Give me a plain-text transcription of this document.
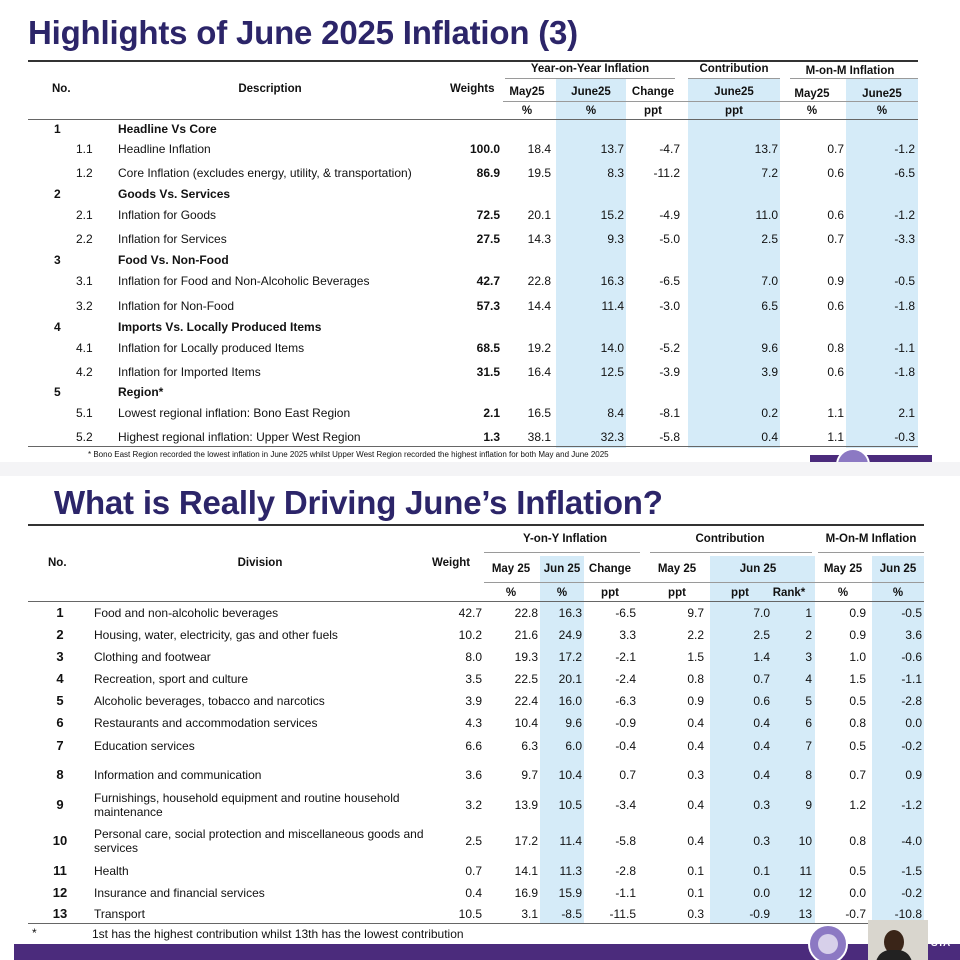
Highlights of June 2025 Inflation (3)
Year-on-Year Inflation	Contribution	M-on-M Inflation
No.	Description	Weights	May25	June25	Change	June25	May25	June25
%	%	ppt	ppt	%	%
* Bono East Region recorded the lowest inflation in June 2025 whilst Upper West Region recorded the highest inflation for both May and June 2025
1	Headline Vs Core
1.1 Headline Inflation	100.0	18.4	13.7	-4.7	13.7	0.7	-1.2
1.2 Core Inflation (excludes energy, utility, & transportation)	86.9	19.5	8.3	-11.2	7.2	0.6	-6.5
2	Goods Vs. Services
2.1 Inflation for Goods	72.5	20.1	15.2	-4.9	11.0	0.6	-1.2
2.2 Inflation for Services	27.5	14.3	9.3	-5.0	2.5	0.7	-3.3
3	Food Vs. Non-Food
3.1 Inflation for Food and Non-Alcoholic Beverages	42.7	22.8	16.3	-6.5	7.0	0.9	-0.5
3.2 Inflation for Non-Food	57.3	14.4	11.4	-3.0	6.5	0.6	-1.8
4	Imports Vs. Locally Produced Items
4.1 Inflation for Locally produced Items	68.5	19.2	14.0	-5.2	9.6	0.8	-1.1
4.2 Inflation for Imported Items	31.5	16.4	12.5	-3.9	3.9	0.6	-1.8
5	Region*
5.1 Lowest regional inflation: Bono East Region	2.1	16.5	8.4	-8.1	0.2	1.1	2.1
5.2 Highest regional inflation: Upper West Region	1.3	38.1	32.3	-5.8	0.4	1.1	-0.3
What is Really Driving June’s Inflation?
Y-on-Y Inflation	Contribution	M-On-M Inflation
No.	Division	Weight	May 25	Jun 25 Change	May 25	Jun 25	May 25	Jun 25
%	%	ppt	ppt	ppt	Rank*	%	%
*	1st has the highest contribution whilst 13th has the lowest contribution
STA
1	Food and non-alcoholic beverages	42.7	22.8	16.3	-6.5	9.7	7.0	1	0.9	-0.5
2	Housing, water, electricity, gas and other fuels	10.2	21.6	24.9	3.3	2.2	2.5	2	0.9	3.6
3	Clothing and footwear	8.0	19.3	17.2	-2.1	1.5	1.4	3	1.0	-0.6
4	Recreation, sport and culture	3.5	22.5	20.1	-2.4	0.8	0.7	4	1.5	-1.1
5	Alcoholic beverages, tobacco and narcotics	3.9	22.4	16.0	-6.3	0.9	0.6	5	0.5	-2.8
6	Restaurants and accommodation services	4.3	10.4	9.6	-0.9	0.4	0.4	6	0.8	0.0
7	Education services	6.6	6.3	6.0	-0.4	0.4	0.4	7	0.5	-0.2
8	Information and communication	3.6	9.7	10.4	0.7	0.3	0.4	8	0.7	0.9
9	Furnishings, household equipment and routine household maintenance	3.2	13.9	10.5	-3.4	0.4	0.3	9	1.2	-1.2
10	Personal care, social protection and miscellaneous goods and services	2.5	17.2	11.4	-5.8	0.4	0.3	10	0.8	-4.0
11	Health	0.7	14.1	11.3	-2.8	0.1	0.1	11	0.5	-1.5
12	Insurance and financial services	0.4	16.9	15.9	-1.1	0.1	0.0	12	0.0	-0.2
13	Transport	10.5	3.1	-8.5	-11.5	0.3	-0.9	13	-0.7	-10.8
